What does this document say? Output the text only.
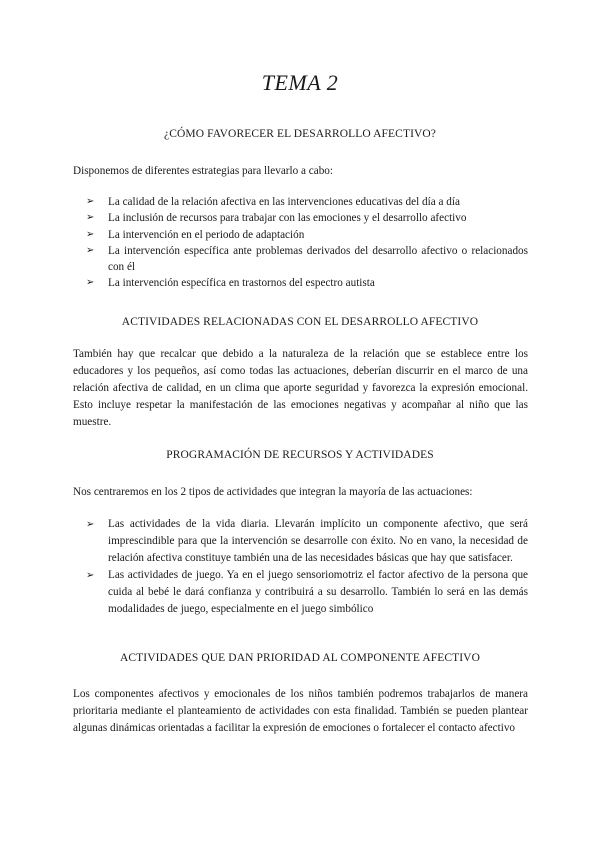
TEMA 2
¿CÓMO FAVORECER EL DESARROLLO AFECTIVO?

Disponemos de diferentes estrategias para llevarlo a cabo:

➢ La calidad de la relación afectiva en las intervenciones educativas del día a día
➢ La inclusión de recursos para trabajar con las emociones y el desarrollo afectivo
➢ La intervención en el periodo de adaptación
➢ La intervención específica ante problemas derivados del desarrollo afectivo o relacionados con él
➢ La intervención específica en trastornos del espectro autista
ACTIVIDADES RELACIONADAS CON EL DESARROLLO AFECTIVO

También hay que recalcar que debido a la naturaleza de la relación que se establece entre los educadores y los pequeños, así como todas las actuaciones, deberían discurrir en el marco de una relación afectiva de calidad, en un clima que aporte seguridad y favorezca la expresión emocional. Esto incluye respetar la manifestación de las emociones negativas y acompañar al niño que las muestre.

PROGRAMACIÓN DE RECURSOS Y ACTIVIDADES

Nos centraremos en los 2 tipos de actividades que integran la mayoría de las actuaciones:

➢ Las actividades de la vida diaria. Llevarán implícito un componente afectivo, que será imprescindible para que la intervención se desarrolle con éxito. No en vano, la necesidad de relación afectiva constituye también una de las necesidades básicas que hay que satisfacer.
➢ Las actividades de juego. Ya en el juego sensoriomotriz el factor afectivo de la persona que cuida al bebé le dará confianza y contribuirá a su desarrollo. También lo será en las demás modalidades de juego, especialmente en el juego simbólico
ACTIVIDADES QUE DAN PRIORIDAD AL COMPONENTE AFECTIVO

Los componentes afectivos y emocionales de los niños también podremos trabajarlos de manera prioritaria mediante el planteamiento de actividades con esta finalidad. También se pueden plantear algunas dinámicas orientadas a facilitar la expresión de emociones o fortalecer el contacto afectivo
